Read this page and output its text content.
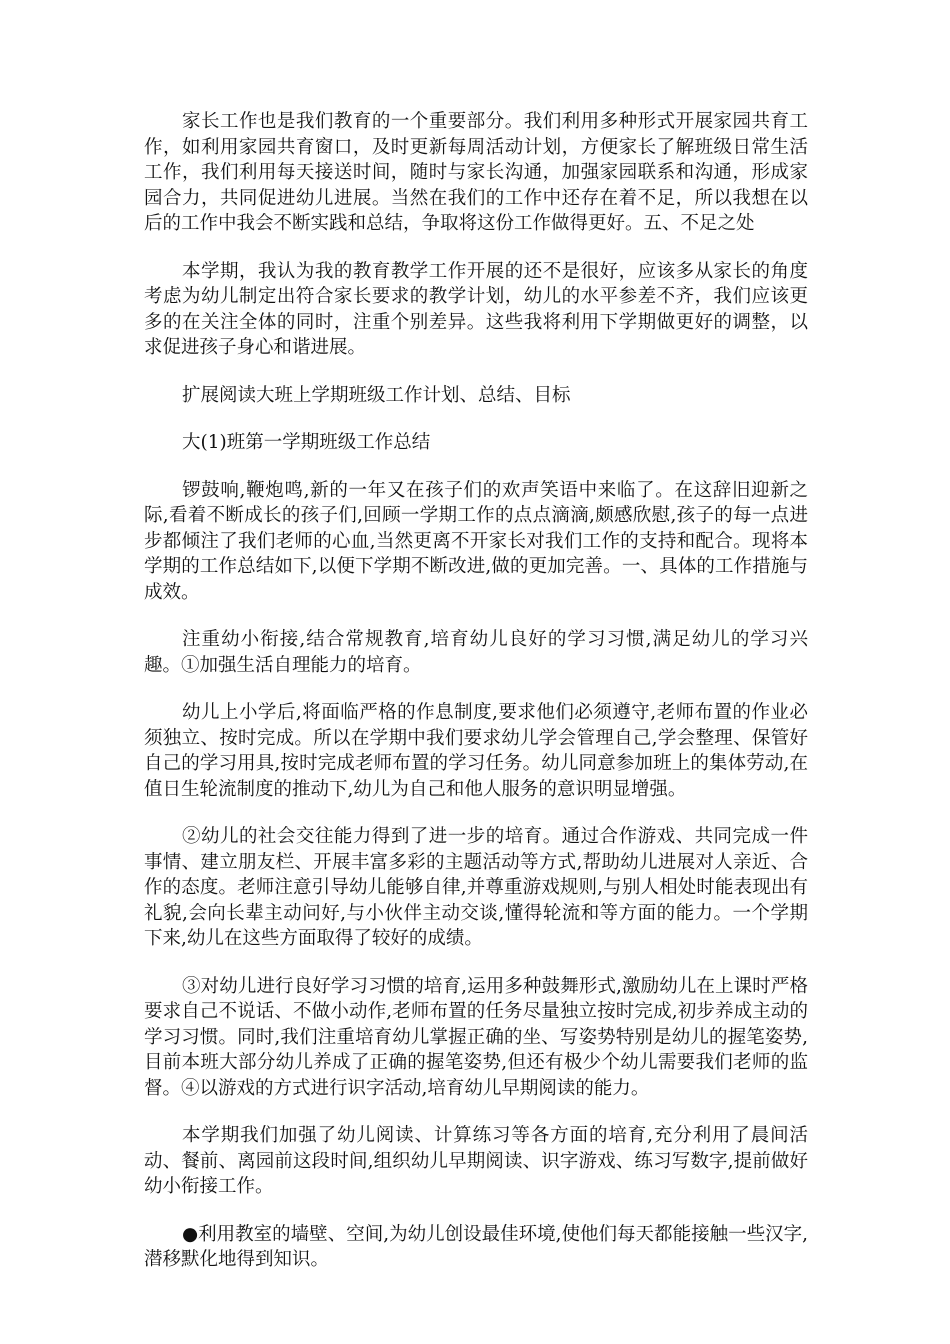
家长工作也是我们教育的一个重要部分。我们利用多种形式开展家园共育工作，如利用家园共育窗口，及时更新每周活动计划，方便家长了解班级日常生活工作，我们利用每天接送时间，随时与家长沟通，加强家园联系和沟通，形成家园合力，共同促进幼儿进展。当然在我们的工作中还存在着不足，所以我想在以后的工作中我会不断实践和总结，争取将这份工作做得更好。五、不足之处

本学期，我认为我的教育教学工作开展的还不是很好，应该多从家长的角度考虑为幼儿制定出符合家长要求的教学计划，幼儿的水平参差不齐，我们应该更多的在关注全体的同时，注重个别差异。这些我将利用下学期做更好的调整，以求促进孩子身心和谐进展。

扩展阅读大班上学期班级工作计划、总结、目标

大(1)班第一学期班级工作总结

锣鼓响,鞭炮鸣,新的一年又在孩子们的欢声笑语中来临了。在这辞旧迎新之际,看着不断成长的孩子们,回顾一学期工作的点点滴滴,颇感欣慰,孩子的每一点进步都倾注了我们老师的心血,当然更离不开家长对我们工作的支持和配合。现将本学期的工作总结如下,以便下学期不断改进,做的更加完善。一、具体的工作措施与成效。

注重幼小衔接,结合常规教育,培育幼儿良好的学习习惯,满足幼儿的学习兴趣。①加强生活自理能力的培育。

幼儿上小学后,将面临严格的作息制度,要求他们必须遵守,老师布置的作业必须独立、按时完成。所以在学期中我们要求幼儿学会管理自己,学会整理、保管好自己的学习用具,按时完成老师布置的学习任务。幼儿同意参加班上的集体劳动,在值日生轮流制度的推动下,幼儿为自己和他人服务的意识明显增强。

②幼儿的社会交往能力得到了进一步的培育。通过合作游戏、共同完成一件事情、建立朋友栏、开展丰富多彩的主题活动等方式,帮助幼儿进展对人亲近、合作的态度。老师注意引导幼儿能够自律,并尊重游戏规则,与别人相处时能表现出有礼貌,会向长辈主动问好,与小伙伴主动交谈,懂得轮流和等方面的能力。一个学期下来,幼儿在这些方面取得了较好的成绩。

③对幼儿进行良好学习习惯的培育,运用多种鼓舞形式,激励幼儿在上课时严格要求自己不说话、不做小动作,老师布置的任务尽量独立按时完成,初步养成主动的学习习惯。同时,我们注重培育幼儿掌握正确的坐、写姿势特别是幼儿的握笔姿势,目前本班大部分幼儿养成了正确的握笔姿势,但还有极少个幼儿需要我们老师的监督。④以游戏的方式进行识字活动,培育幼儿早期阅读的能力。

本学期我们加强了幼儿阅读、计算练习等各方面的培育,充分利用了晨间活动、餐前、离园前这段时间,组织幼儿早期阅读、识字游戏、练习写数字,提前做好幼小衔接工作。

●利用教室的墙壁、空间,为幼儿创设最佳环境,使他们每天都能接触一些汉字,潜移默化地得到知识。
